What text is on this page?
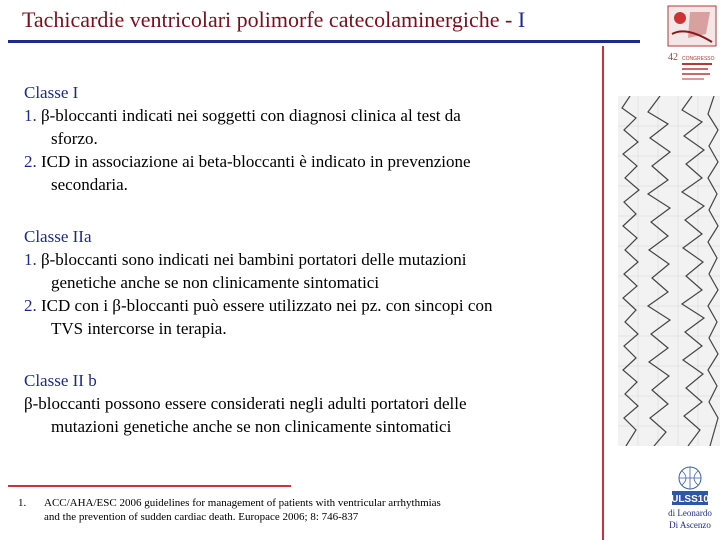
Tachicardie ventricolari polimorfe catecolaminergiche - I
42 CONGRESSO
Classe I
1. β-bloccanti indicati nei soggetti con diagnosi clinica al test da
sforzo.
2. ICD in associazione ai beta-bloccanti è indicato in prevenzione
secondaria.
Classe IIa
1. β-bloccanti sono indicati nei bambini portatori delle mutazioni
genetiche anche se non clinicamente sintomatici
2. ICD con i β-bloccanti può essere utilizzato nei pz. con sincopi con
TVS intercorse in terapia.
Classe II b
β-bloccanti possono essere considerati negli adulti portatori delle
mutazioni genetiche anche se non clinicamente sintomatici
1. ACC/AHA/ESC 2006 guidelines for management of patients with ventricular arrhythmias
and the prevention of sudden cardiac death. Europace 2006; 8: 746-837
ULSS10
di Leonardo
Di Ascenzo
